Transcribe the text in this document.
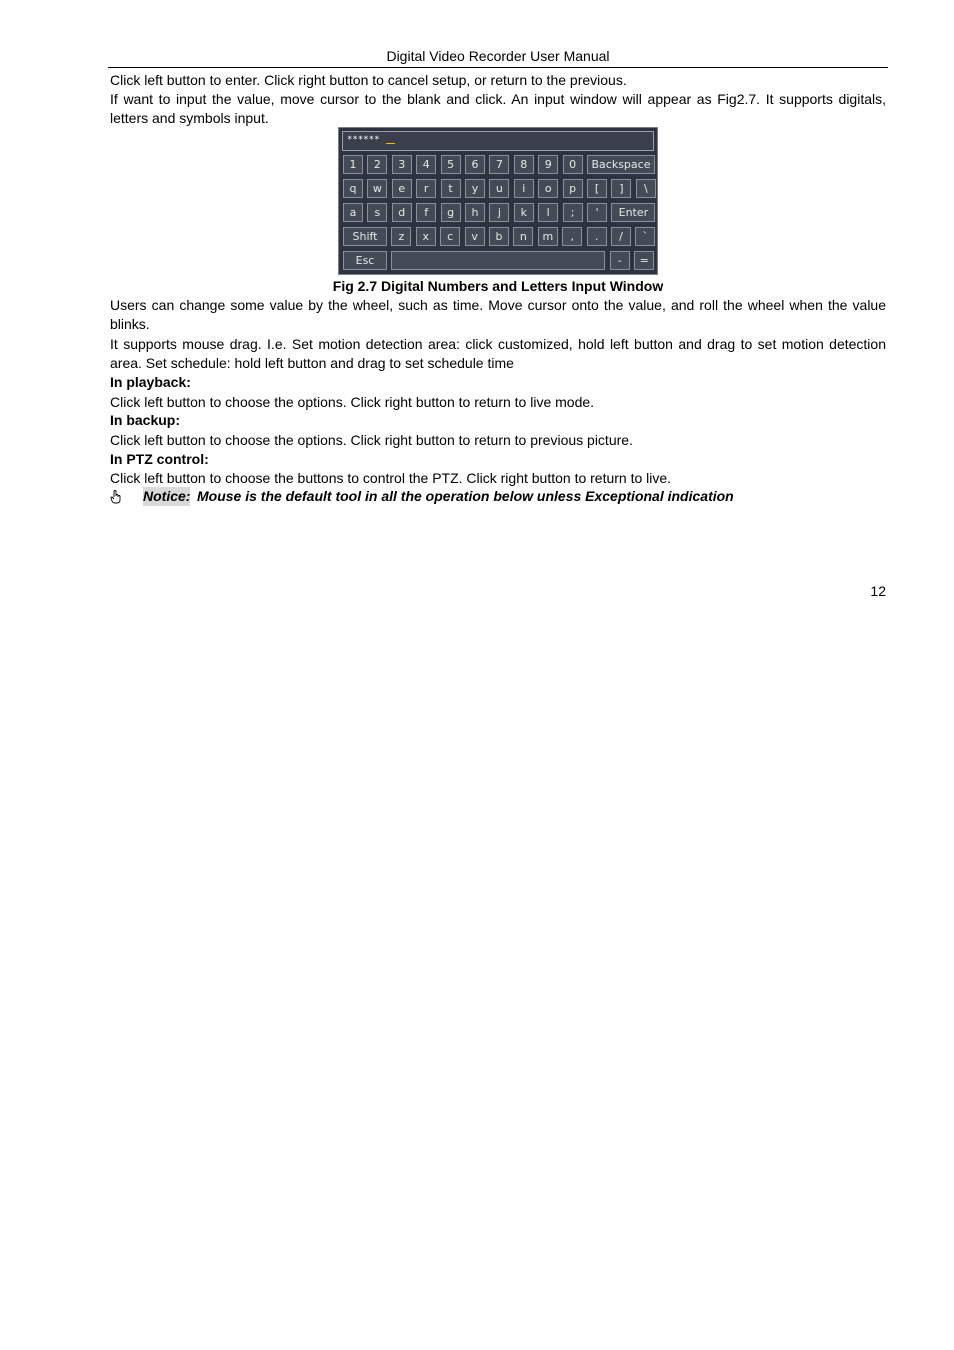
Digital Video Recorder User Manual
Click left button to enter. Click right button to cancel setup, or return to the previous.
If want to input the value, move cursor to the blank and click. An input window will appear as Fig2.7. It supports digitals, letters and symbols input.
******
1	2	3	4	5	6	7	8	9	0	Backspace
q	w	e	r	t	y	u	i	o	p	[	]	\
a	s	d	f	g	h	j	k	l	;	'	Enter
Shift	z	x	c	v	b	n	m	,	.	/	`
Esc	-	=
Fig 2.7 Digital Numbers and Letters Input Window
Users can change some value by the wheel, such as time. Move cursor onto the value, and roll the wheel when the value blinks.
It supports mouse drag. I.e. Set motion detection area: click customized, hold left button and drag to set motion detection area. Set schedule: hold left button and drag to set schedule time
In playback:
Click left button to choose the options. Click right button to return to live mode.
In backup:
Click left button to choose the options. Click right button to return to previous picture.
In PTZ control:
Click left button to choose the buttons to control the PTZ. Click right button to return to live.
Notice: Mouse is the default tool in all the operation below unless Exceptional indication
12
